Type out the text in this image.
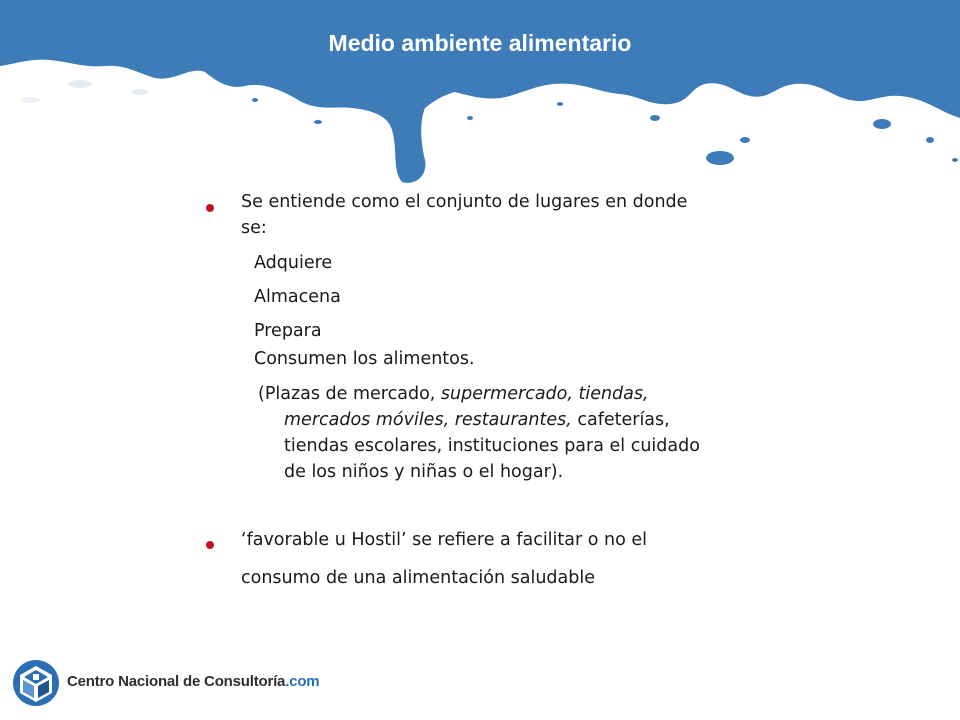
Medio ambiente alimentario
Se entiende como el conjunto de lugares en donde
se:
Adquiere
Almacena
Prepara
Consumen los alimentos.
(Plazas de mercado, supermercado, tiendas,
mercados móviles, restaurantes, cafeterías,
tiendas escolares, instituciones para el cuidado
de los niños y niñas o el hogar).
‘favorable u Hostil’ se refiere a facilitar o no el
consumo de una alimentación saludable
Centro Nacional de Consultoría.com
